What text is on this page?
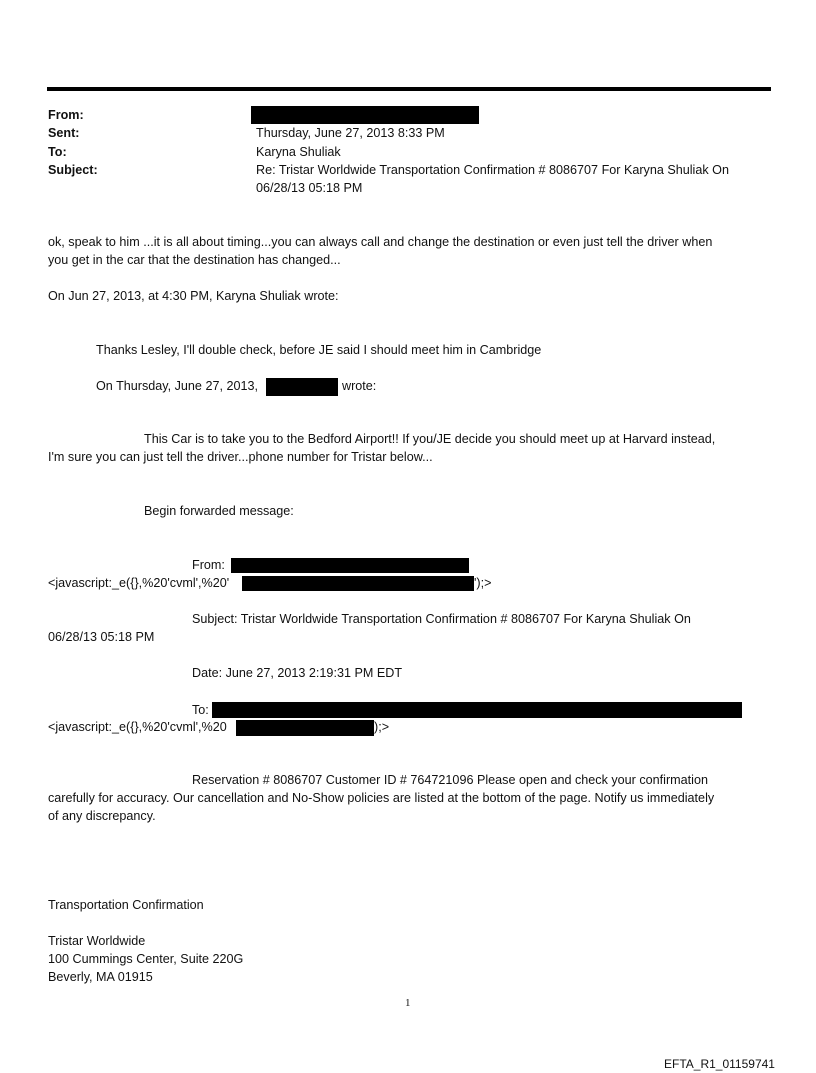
From:
Sent:	Thursday, June 27, 2013 8:33 PM
To:	Karyna Shuliak
Subject:	Re: Tristar Worldwide Transportation Confirmation # 8086707 For Karyna Shuliak On
06/28/13 05:18 PM
ok, speak to him ...it is all about timing...you can always call and change the destination or even just tell the driver when
you get in the car that the destination has changed...
On Jun 27, 2013, at 4:30 PM, Karyna Shuliak wrote:
Thanks Lesley, I'll double check, before JE said I should meet him in Cambridge
On Thursday, June 27, 2013,	wrote:
This Car is to take you to the Bedford Airport!! If you/JE decide you should meet up at Harvard instead,
I'm sure you can just tell the driver...phone number for Tristar below...
Begin forwarded message:
From:
<javascript:_e({},%20'cvml',%20'	');>
Subject: Tristar Worldwide Transportation Confirmation # 8086707 For Karyna Shuliak On
06/28/13 05:18 PM
Date: June 27, 2013 2:19:31 PM EDT
To:
<javascript:_e({},%20'cvml',%20	);>
Reservation # 8086707 Customer ID # 764721096 Please open and check your confirmation
carefully for accuracy. Our cancellation and No-Show policies are listed at the bottom of the page. Notify us immediately
of any discrepancy.
Transportation Confirmation
Tristar Worldwide
100 Cummings Center, Suite 220G
Beverly, MA 01915
1
EFTA_R1_01159741
